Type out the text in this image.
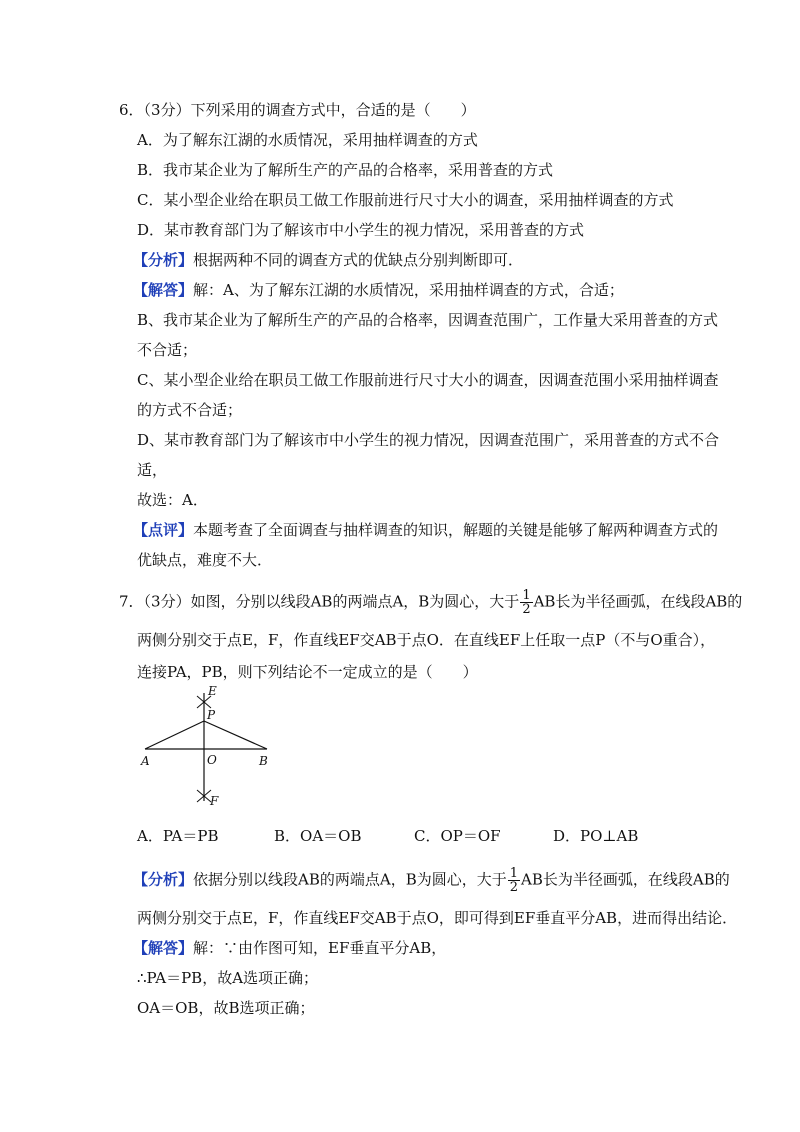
6．（3分）下列采用的调查方式中，合适的是（　　）
A．为了解东江湖的水质情况，采用抽样调查的方式
B．我市某企业为了解所生产的产品的合格率，采用普查的方式
C．某小型企业给在职员工做工作服前进行尺寸大小的调查，采用抽样调查的方式
D．某市教育部门为了解该市中小学生的视力情况，采用普查的方式
【分析】根据两种不同的调查方式的优缺点分别判断即可．
【解答】解：A、为了解东江湖的水质情况，采用抽样调查的方式，合适；
B、我市某企业为了解所生产的产品的合格率，因调查范围广，工作量大采用普查的方式
不合适；
C、某小型企业给在职员工做工作服前进行尺寸大小的调查，因调查范围小采用抽样调查
的方式不合适；
D、某市教育部门为了解该市中小学生的视力情况，因调查范围广，采用普查的方式不合
适，
故选：A．
【点评】本题考查了全面调查与抽样调查的知识，解题的关键是能够了解两种调查方式的
优缺点，难度不大．
7．（3分）如图，分别以线段AB的两端点A，B为圆心，大于 $\frac{1}{2}$ AB长为半径画弧，在线段AB的
两侧分别交于点E，F，作直线EF交AB于点O．在直线EF上任取一点P（不与O重合），
连接PA，PB，则下列结论不一定成立的是（　　）
E
P
A	O	B
F
A．PA＝PB	B．OA＝OB	C．OP＝OF	D．PO⊥AB
【分析】依据分别以线段AB的两端点A，B为圆心，大于 $\frac{1}{2}$ AB长为半径画弧，在线段AB的
两侧分别交于点E，F，作直线EF交AB于点O，即可得到EF垂直平分AB，进而得出结论．
【解答】解：∵由作图可知，EF垂直平分AB，
∴PA＝PB，故A选项正确；
OA＝OB，故B选项正确；
